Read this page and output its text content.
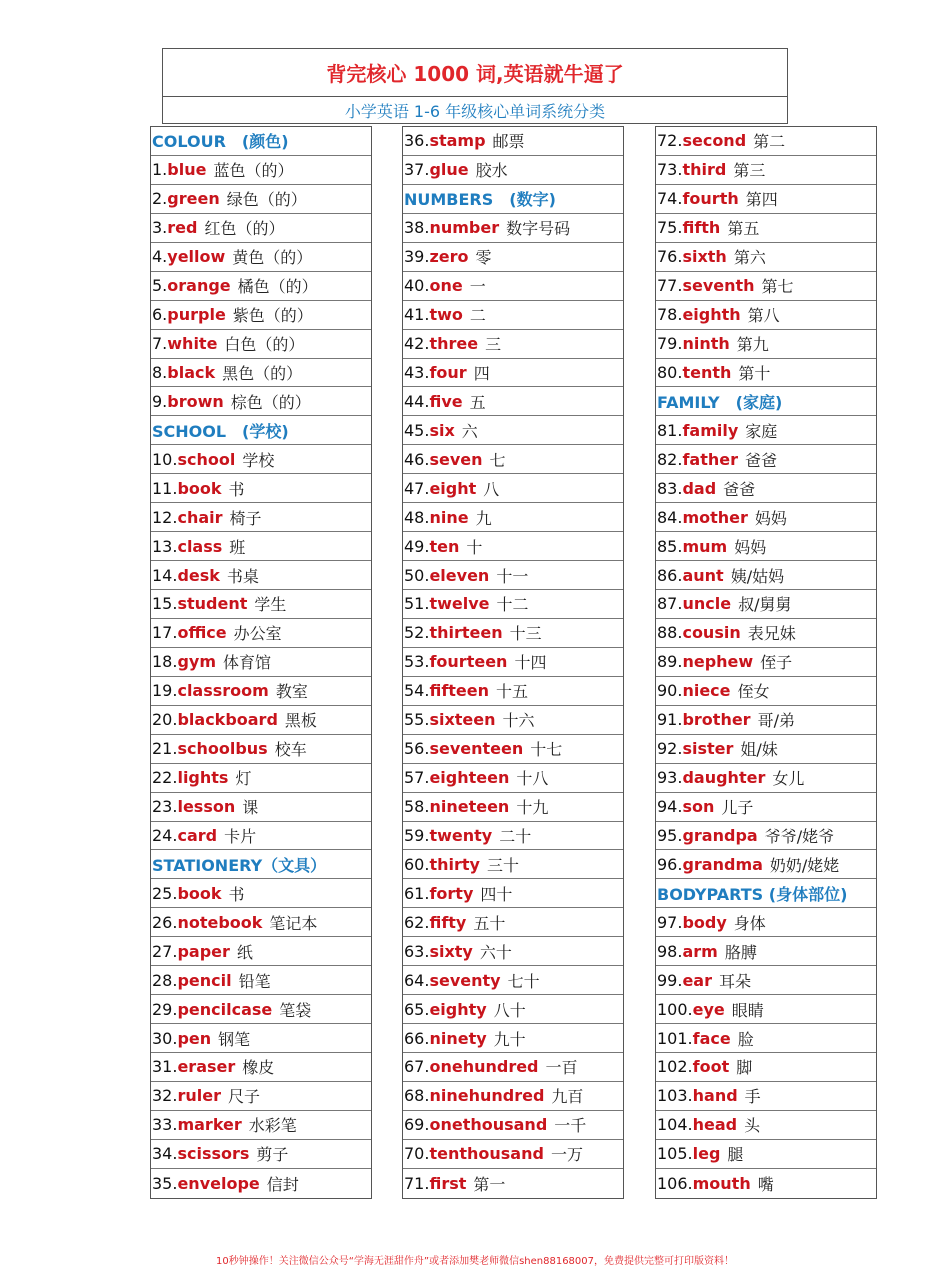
背完核心 1000 词,英语就牛逼了
小学英语 1-6 年级核心单词系统分类
COLOUR　(颜色)
1. blue 蓝色（的）
2. green 绿色（的）
3. red 红色（的）
4. yellow 黄色（的）
5. orange 橘色（的）
6. purple 紫色（的）
7. white 白色（的）
8. black 黑色（的）
9. brown 棕色（的）
SCHOOL　(学校)
10. school 学校
11. book 书
12. chair 椅子
13. class 班
14. desk 书桌
15. student 学生
17. office 办公室
18. gym 体育馆
19. classroom 教室
20. blackboard 黑板
21. schoolbus 校车
22. lights 灯
23. lesson 课
24. card 卡片
STATIONERY（文具）
25. book 书
26. notebook 笔记本
27. paper 纸
28. pencil 铅笔
29. pencilcase 笔袋
30. pen 钢笔
31. eraser 橡皮
32. ruler 尺子
33. marker 水彩笔
34. scissors 剪子
35. envelope 信封
36. stamp 邮票
37. glue 胶水
NUMBERS　(数字)
38. number 数字号码
39. zero 零
40. one 一
41. two 二
42. three 三
43. four 四
44. five 五
45. six 六
46. seven 七
47. eight 八
48. nine 九
49. ten 十
50. eleven 十一
51. twelve 十二
52. thirteen 十三
53. fourteen 十四
54. fifteen 十五
55. sixteen 十六
56. seventeen 十七
57. eighteen 十八
58. nineteen 十九
59. twenty 二十
60. thirty 三十
61. forty 四十
62. fifty 五十
63. sixty 六十
64. seventy 七十
65. eighty 八十
66. ninety 九十
67. onehundred 一百
68. ninehundred 九百
69. onethousand 一千
70. tenthousand 一万
71. first 第一
72. second 第二
73. third 第三
74. fourth 第四
75. fifth 第五
76. sixth 第六
77. seventh 第七
78. eighth 第八
79. ninth 第九
80. tenth 第十
FAMILY　(家庭)
81. family 家庭
82. father 爸爸
83. dad 爸爸
84. mother 妈妈
85. mum 妈妈
86. aunt 姨/姑妈
87. uncle 叔/舅舅
88. cousin 表兄妹
89. nephew 侄子
90. niece 侄女
91. brother 哥/弟
92. sister 姐/妹
93. daughter 女儿
94. son 儿子
95. grandpa 爷爷/姥爷
96. grandma 奶奶/姥姥
BODYPARTS (身体部位)
97. body 身体
98. arm 胳膊
99. ear 耳朵
100. eye 眼睛
101. face 脸
102. foot 脚
103. hand 手
104. head 头
105. leg 腿
106. mouth 嘴
10秒钟操作！关注微信公众号“学海无涯甜作舟”或者添加樊老师微信shen88168007，免费提供完整可打印版资料！
